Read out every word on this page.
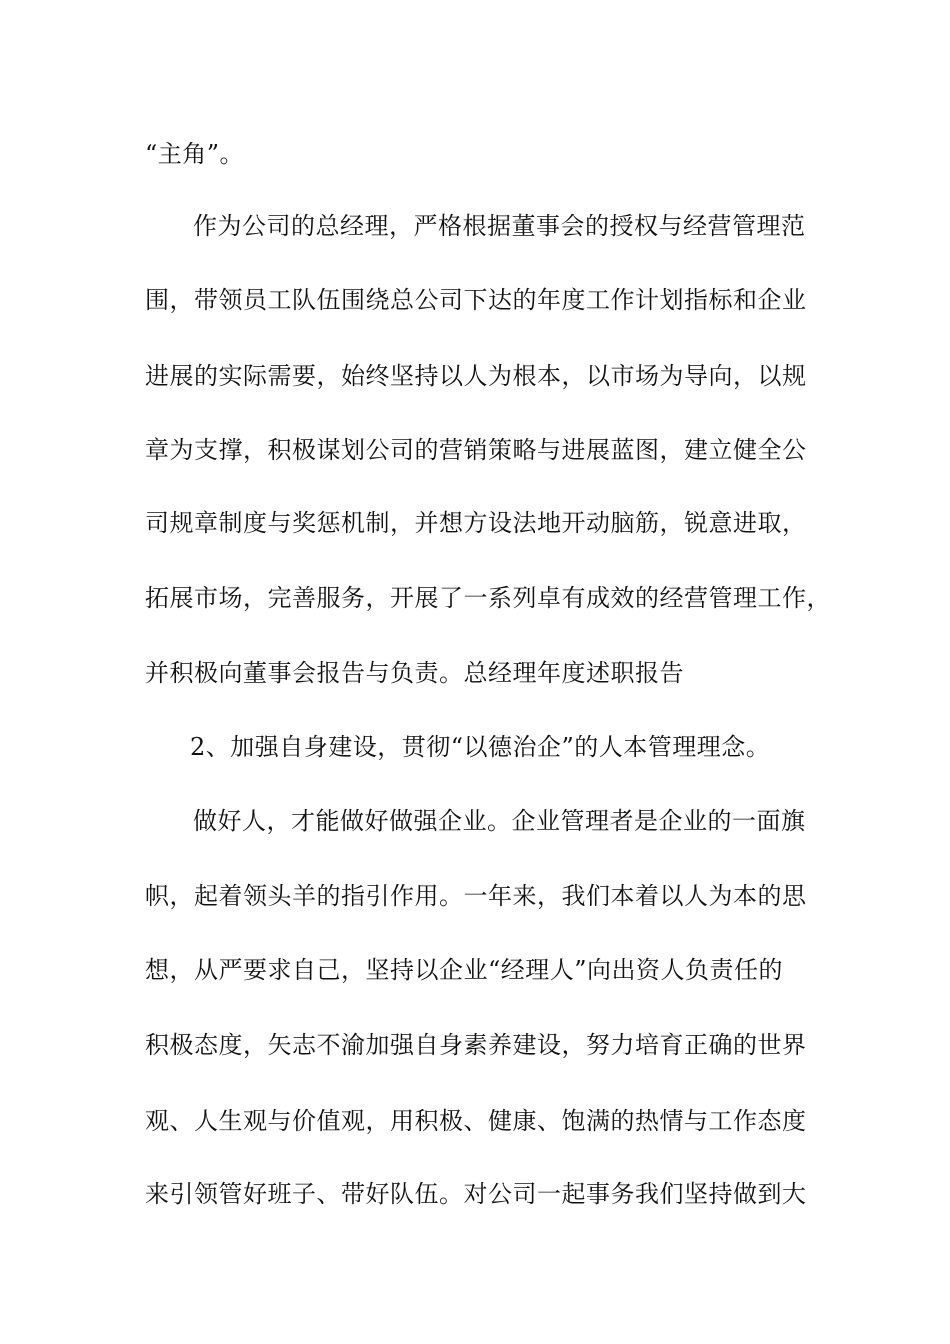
“主角”。
作为公司的总经理，严格根据董事会的授权与经营管理范
围，带领员工队伍围绕总公司下达的年度工作计划指标和企业
进展的实际需要，始终坚持以人为根本，以市场为导向，以规
章为支撑，积极谋划公司的营销策略与进展蓝图，建立健全公
司规章制度与奖惩机制，并想方设法地开动脑筋，锐意进取，
拓展市场，完善服务，开展了一系列卓有成效的经营管理工作，
并积极向董事会报告与负责。总经理年度述职报告
2、加强自身建设，贯彻“以德治企”的人本管理理念。
做好人，才能做好做强企业。企业管理者是企业的一面旗
帜，起着领头羊的指引作用。一年来，我们本着以人为本的思
想，从严要求自己，坚持以企业“经理人”向出资人负责任的
积极态度，矢志不渝加强自身素养建设，努力培育正确的世界
观、人生观与价值观，用积极、健康、饱满的热情与工作态度
来引领管好班子、带好队伍。对公司一起事务我们坚持做到大
